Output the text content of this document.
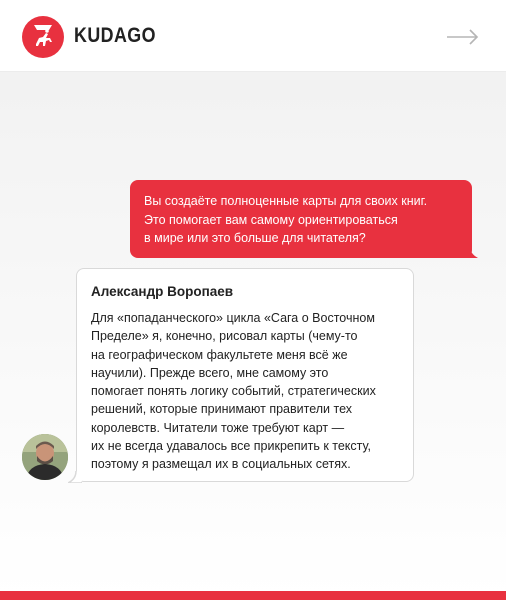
KUDAGO

Вы создаёте полноценные карты для своих книг.

Это помогает вам самому ориентироваться

в мире или это больше для читателя?

Александр Воропаев
Для «попаданческого» цикла «Сага о Восточном
Пределе» я, конечно, рисовал карты (чему-то
на географическом факультете меня всё же
научили). Прежде всего, мне самому это
помогает понять логику событий, стратегических
решений, которые принимают правители тех
королевств. Читатели тоже требуют карт —
их не всегда удавалось все прикрепить к тексту,
поэтому я размещал их в социальных сетях.
